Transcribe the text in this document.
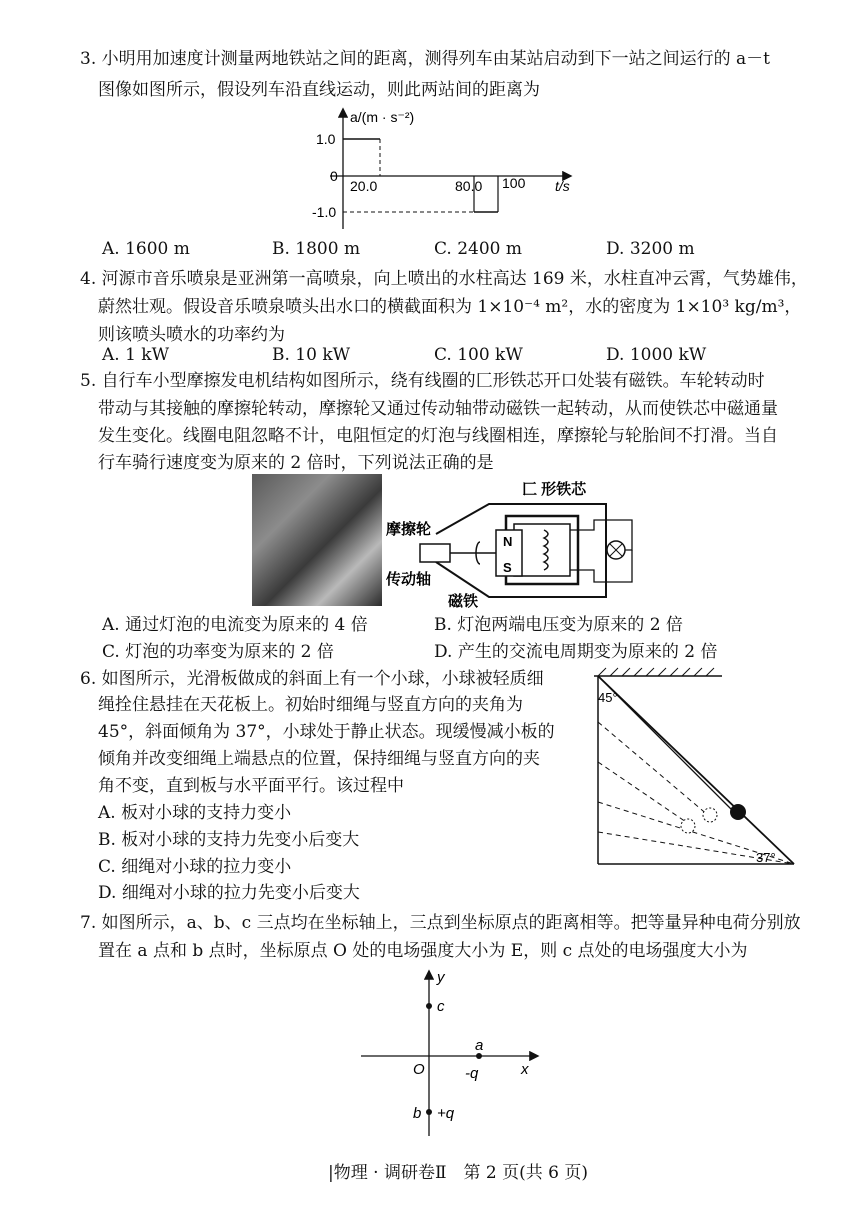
3. 小明用加速度计测量两地铁站之间的距离，测得列车由某站启动到下一站之间运行的 a－t
图像如图所示，假设列车沿直线运动，则此两站间的距离为
a/(m · s⁻²)
t/s
0
1.0
-1.0
20.0	80.0 100
A. 1600 m	B. 1800 m	C. 2400 m	D. 3200 m
4. 河源市音乐喷泉是亚洲第一高喷泉，向上喷出的水柱高达 169 米，水柱直冲云霄，气势雄伟，
蔚然壮观。假设音乐喷泉喷头出水口的横截面积为 1×10⁻⁴ m²，水的密度为 1×10³ kg/m³，
则该喷头喷水的功率约为
A. 1 kW	B. 10 kW	C. 100 kW	D. 1000 kW
5. 自行车小型摩擦发电机结构如图所示，绕有线圈的匚形铁芯开口处装有磁铁。车轮转动时
带动与其接触的摩擦轮转动，摩擦轮又通过传动轴带动磁铁一起转动，从而使铁芯中磁通量
发生变化。线圈电阻忽略不计，电阻恒定的灯泡与线圈相连，摩擦轮与轮胎间不打滑。当自
行车骑行速度变为原来的 2 倍时，下列说法正确的是
匚 形铁芯
N
S
摩擦轮
传动轴
磁铁
A. 通过灯泡的电流变为原来的 4 倍	B. 灯泡两端电压变为原来的 2 倍
C. 灯泡的功率变为原来的 2 倍	D. 产生的交流电周期变为原来的 2 倍
6. 如图所示，光滑板做成的斜面上有一个小球，小球被轻质细
绳拴住悬挂在天花板上。初始时细绳与竖直方向的夹角为
45°，斜面倾角为 37°，小球处于静止状态。现缓慢减小板的
倾角并改变细绳上端悬点的位置，保持细绳与竖直方向的夹
角不变，直到板与水平面平行。该过程中
A. 板对小球的支持力变小
B. 板对小球的支持力先变小后变大
C. 细绳对小球的拉力变小
D. 细绳对小球的拉力先变小后变大
45°
37°
7. 如图所示，a、b、c 三点均在坐标轴上，三点到坐标原点的距离相等。把等量异种电荷分别放
置在 a 点和 b 点时，坐标原点 O 处的电场强度大小为 E，则 c 点处的电场强度大小为
y
x
O
c
a
-q
b +q
|物理 · 调研卷Ⅱ　第 2 页(共 6 页)
